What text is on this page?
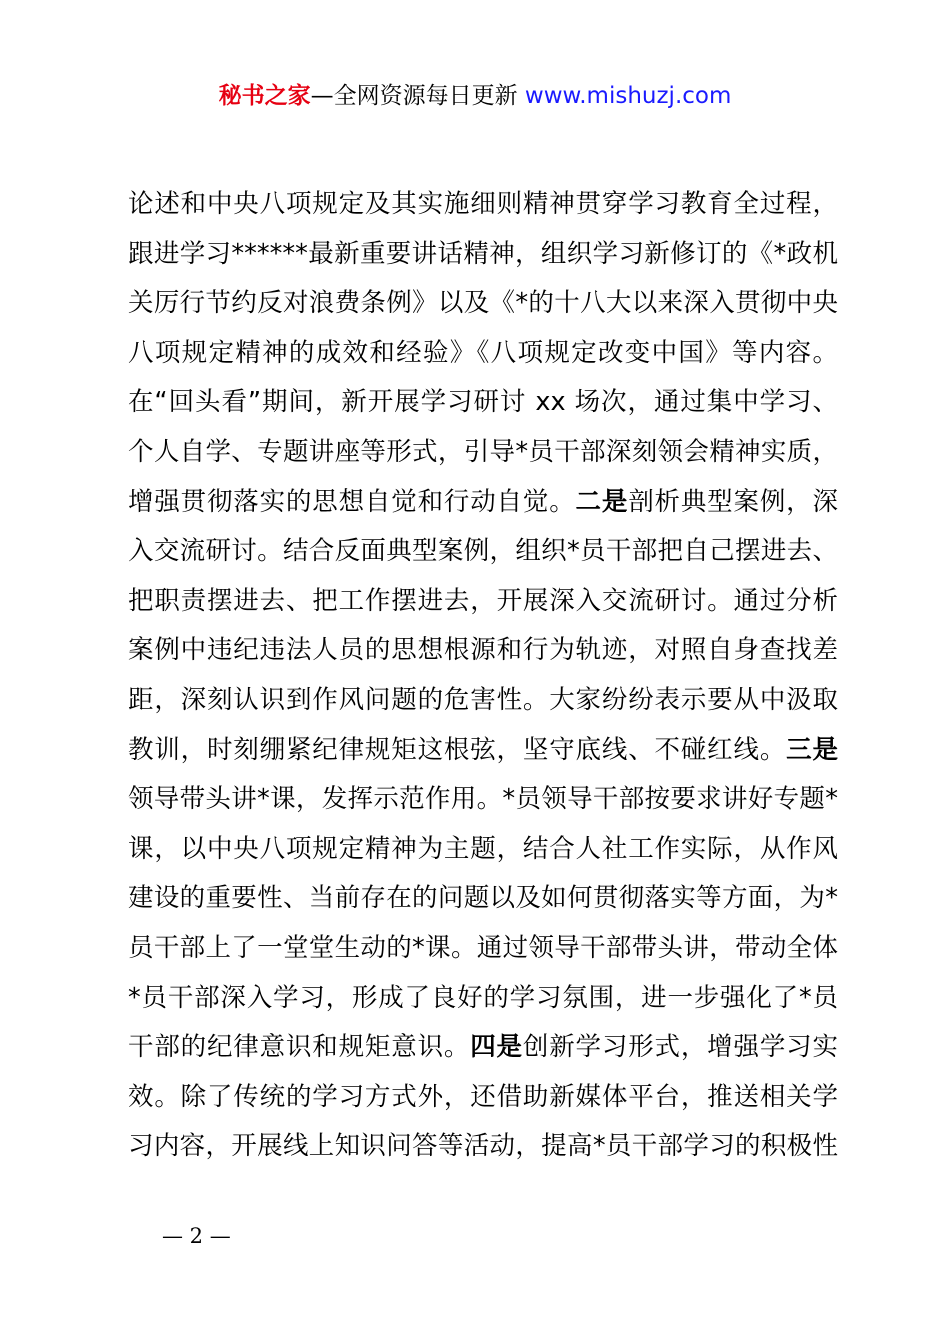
秘书之家—全网资源每日更新 www.mishuzj.com
论述和中央八项规定及其实施细则精神贯穿学习教育全过程，
跟进学习******最新重要讲话精神，组织学习新修订的《*政机
关厉行节约反对浪费条例》以及《*的十八大以来深入贯彻中央
八项规定精神的成效和经验》《八项规定改变中国》等内容。
在“回头看”期间，新开展学习研讨 xx 场次，通过集中学习、
个人自学、专题讲座等形式，引导*员干部深刻领会精神实质，
增强贯彻落实的思想自觉和行动自觉。二是剖析典型案例，深
入交流研讨。结合反面典型案例，组织*员干部把自己摆进去、
把职责摆进去、把工作摆进去，开展深入交流研讨。通过分析
案例中违纪违法人员的思想根源和行为轨迹，对照自身查找差
距，深刻认识到作风问题的危害性。大家纷纷表示要从中汲取
教训，时刻绷紧纪律规矩这根弦，坚守底线、不碰红线。三是
领导带头讲*课，发挥示范作用。*员领导干部按要求讲好专题*
课，以中央八项规定精神为主题，结合人社工作实际，从作风
建设的重要性、当前存在的问题以及如何贯彻落实等方面，为*
员干部上了一堂堂生动的*课。通过领导干部带头讲，带动全体
*员干部深入学习，形成了良好的学习氛围，进一步强化了*员
干部的纪律意识和规矩意识。四是创新学习形式，增强学习实
效。除了传统的学习方式外，还借助新媒体平台，推送相关学
习内容，开展线上知识问答等活动，提高*员干部学习的积极性
— 2 —
